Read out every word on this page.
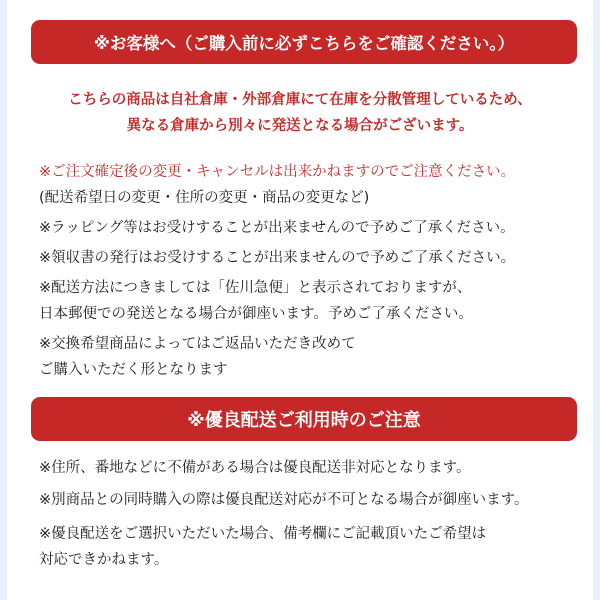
※お客様へ（ご購入前に必ずこちらをご確認ください。）
こちらの商品は自社倉庫・外部倉庫にて在庫を分散管理しているため、
異なる倉庫から別々に発送となる場合がございます。
※ご注文確定後の変更・キャンセルは出来かねますのでご注意ください。
(配送希望日の変更・住所の変更・商品の変更など)
※ラッピング等はお受けすることが出来ませんので予めご了承ください。
※領収書の発行はお受けすることが出来ませんので予めご了承ください。
※配送方法につきましては「佐川急便」と表示されておりますが、
日本郵便での発送となる場合が御座います。予めご了承ください。
※交換希望商品によってはご返品いただき改めて
ご購入いただく形となります
※優良配送ご利用時のご注意
※住所、番地などに不備がある場合は優良配送非対応となります。
※別商品との同時購入の際は優良配送対応が不可となる場合が御座います。
※優良配送をご選択いただいた場合、備考欄にご記載頂いたご希望は
対応できかねます。
